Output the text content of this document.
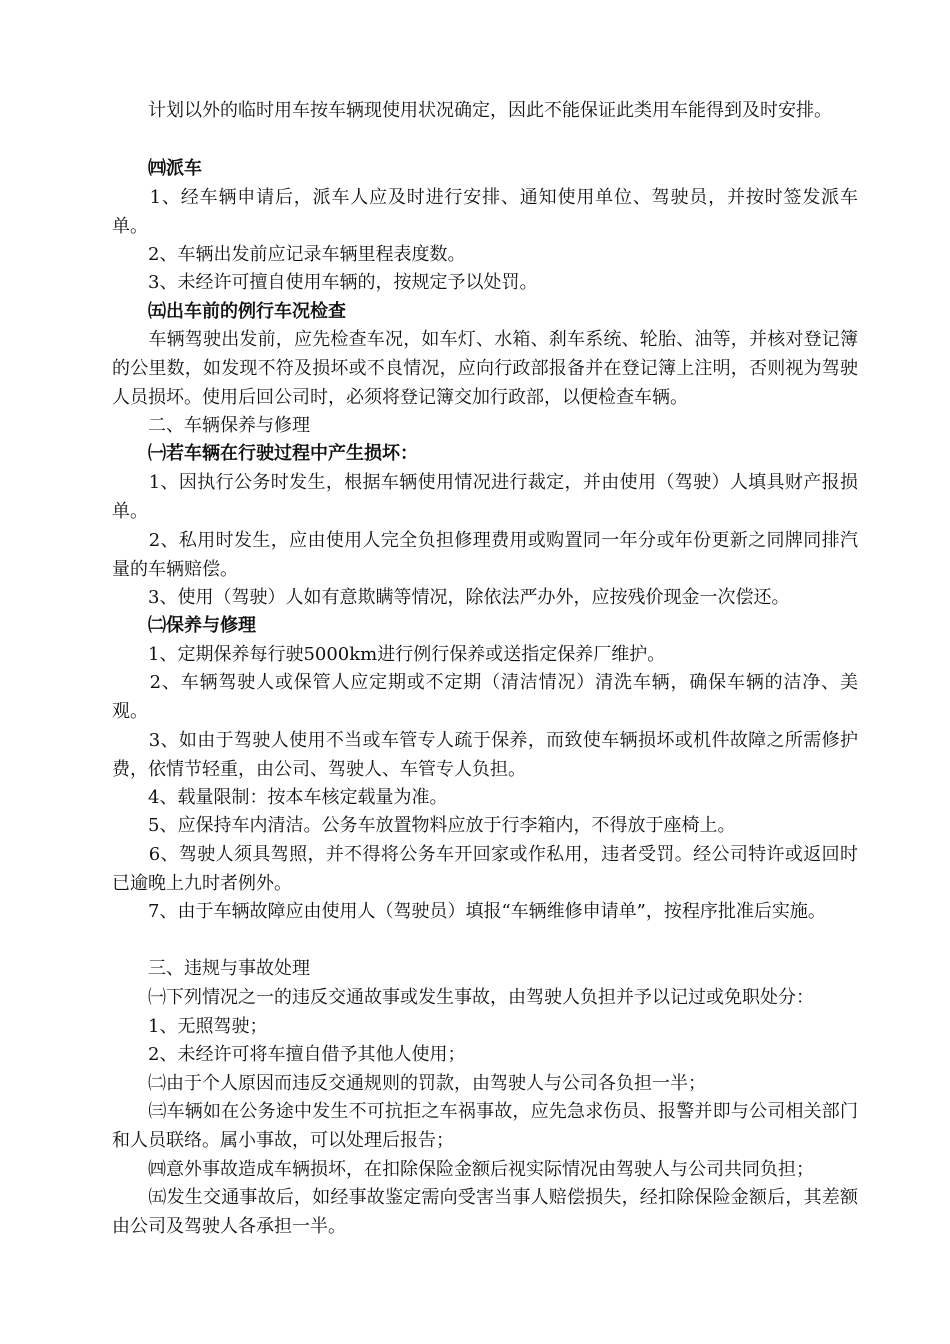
　　计划以外的临时用车按车辆现使用状况确定，因此不能保证此类用车能得到及时安排。

　　㈣派车

　　1、经车辆申请后，派车人应及时进行安排、通知使用单位、驾驶员，并按时签发派车单。

　　2、车辆出发前应记录车辆里程表度数。

　　3、未经许可擅自使用车辆的，按规定予以处罚。

　　㈤出车前的例行车况检查

　　车辆驾驶出发前，应先检查车况，如车灯、水箱、刹车系统、轮胎、油等，并核对登记簿的公里数，如发现不符及损坏或不良情况，应向行政部报备并在登记簿上注明，否则视为驾驶人员损坏。使用后回公司时，必须将登记簿交加行政部，以便检查车辆。

　　二、车辆保养与修理

　　㈠若车辆在行驶过程中产生损坏：

　　1、因执行公务时发生，根据车辆使用情况进行裁定，并由使用（驾驶）人填具财产报损单。

　　2、私用时发生，应由使用人完全负担修理费用或购置同一年分或年份更新之同牌同排汽量的车辆赔偿。

　　3、使用（驾驶）人如有意欺瞒等情况，除依法严办外，应按残价现金一次偿还。

　　㈡保养与修理

　　1、定期保养每行驶5000km进行例行保养或送指定保养厂维护。

　　2、车辆驾驶人或保管人应定期或不定期（清洁情况）清洗车辆，确保车辆的洁净、美观。

　　3、如由于驾驶人使用不当或车管专人疏于保养，而致使车辆损坏或机件故障之所需修护费，依情节轻重，由公司、驾驶人、车管专人负担。

　　4、载量限制：按本车核定载量为准。

　　5、应保持车内清洁。公务车放置物料应放于行李箱内，不得放于座椅上。

　　6、驾驶人须具驾照，并不得将公务车开回家或作私用，违者受罚。经公司特许或返回时已逾晚上九时者例外。

　　7、由于车辆故障应由使用人（驾驶员）填报“车辆维修申请单”，按程序批准后实施。

　　三、违规与事故处理

　　㈠下列情况之一的违反交通故事或发生事故，由驾驶人负担并予以记过或免职处分：

　　1、无照驾驶；

　　2、未经许可将车擅自借予其他人使用；

　　㈡由于个人原因而违反交通规则的罚款，由驾驶人与公司各负担一半；

　　㈢车辆如在公务途中发生不可抗拒之车祸事故，应先急求伤员、报警并即与公司相关部门和人员联络。属小事故，可以处理后报告；

　　㈣意外事故造成车辆损坏，在扣除保险金额后视实际情况由驾驶人与公司共同负担；

　　㈤发生交通事故后，如经事故鉴定需向受害当事人赔偿损失，经扣除保险金额后，其差额由公司及驾驶人各承担一半。
